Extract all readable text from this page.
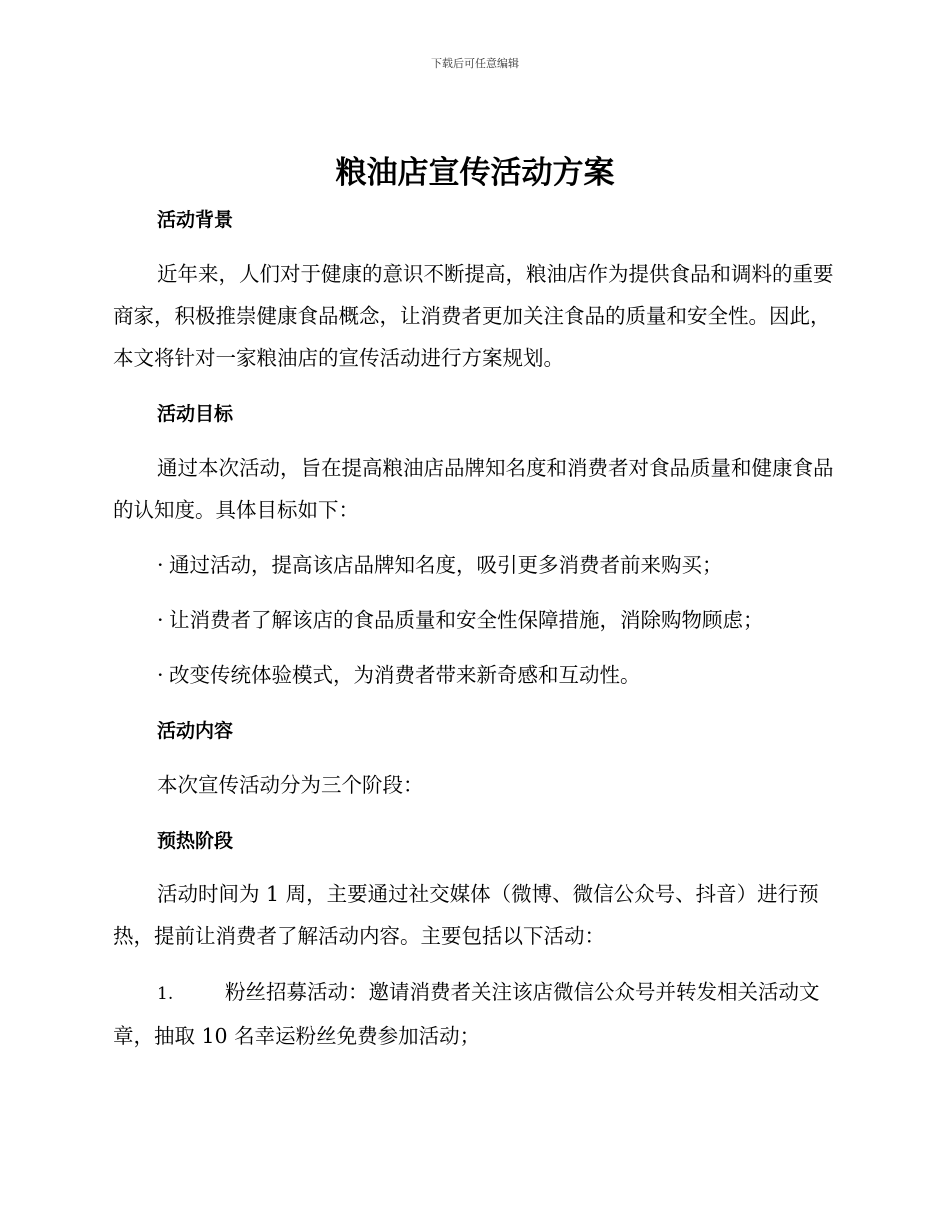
下载后可任意编辑
粮油店宣传活动方案
活动背景

近年来，人们对于健康的意识不断提高，粮油店作为提供食品和调料的重要商家，积极推崇健康食品概念，让消费者更加关注食品的质量和安全性。因此，本文将针对一家粮油店的宣传活动进行方案规划。

活动目标

通过本次活动，旨在提高粮油店品牌知名度和消费者对食品质量和健康食品的认知度。具体目标如下：

· 通过活动，提高该店品牌知名度，吸引更多消费者前来购买；

· 让消费者了解该店的食品质量和安全性保障措施，消除购物顾虑；

· 改变传统体验模式，为消费者带来新奇感和互动性。

活动内容

本次宣传活动分为三个阶段：

预热阶段

活动时间为 1 周，主要通过社交媒体（微博、微信公众号、抖音）进行预热，提前让消费者了解活动内容。主要包括以下活动：

1.	粉丝招募活动：邀请消费者关注该店微信公众号并转发相关活动文章，抽取 10 名幸运粉丝免费参加活动；
